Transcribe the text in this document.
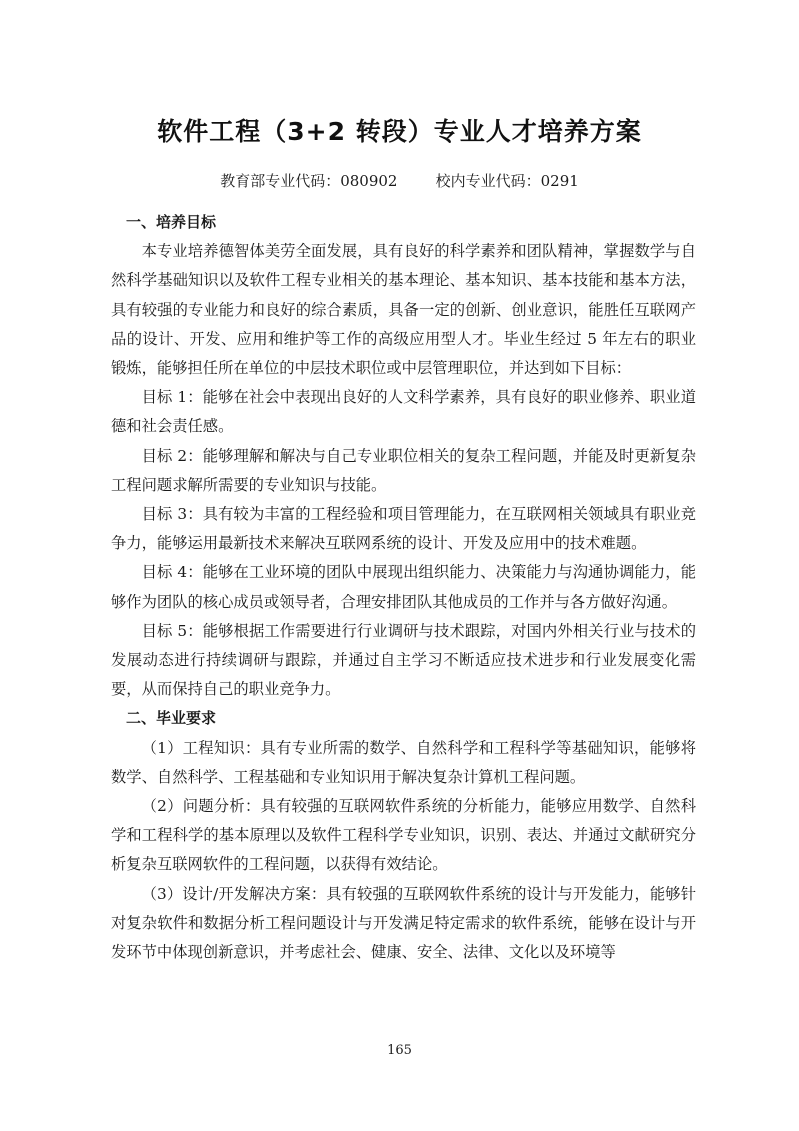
软件工程（3+2 转段）专业人才培养方案
教育部专业代码：080902        校内专业代码：0291

一、培养目标

本专业培养德智体美劳全面发展，具有良好的科学素养和团队精神，掌握数学与自然科学基础知识以及软件工程专业相关的基本理论、基本知识、基本技能和基本方法，具有较强的专业能力和良好的综合素质，具备一定的创新、创业意识，能胜任互联网产品的设计、开发、应用和维护等工作的高级应用型人才。毕业生经过 5 年左右的职业锻炼，能够担任所在单位的中层技术职位或中层管理职位，并达到如下目标：

目标 1：能够在社会中表现出良好的人文科学素养，具有良好的职业修养、职业道德和社会责任感。

目标 2：能够理解和解决与自己专业职位相关的复杂工程问题，并能及时更新复杂工程问题求解所需要的专业知识与技能。

目标 3：具有较为丰富的工程经验和项目管理能力，在互联网相关领域具有职业竞争力，能够运用最新技术来解决互联网系统的设计、开发及应用中的技术难题。

目标 4：能够在工业环境的团队中展现出组织能力、决策能力与沟通协调能力，能够作为团队的核心成员或领导者，合理安排团队其他成员的工作并与各方做好沟通。

目标 5：能够根据工作需要进行行业调研与技术跟踪，对国内外相关行业与技术的发展动态进行持续调研与跟踪，并通过自主学习不断适应技术进步和行业发展变化需要，从而保持自己的职业竞争力。

二、毕业要求

（1）工程知识：具有专业所需的数学、自然科学和工程科学等基础知识，能够将数学、自然科学、工程基础和专业知识用于解决复杂计算机工程问题。

（2）问题分析：具有较强的互联网软件系统的分析能力，能够应用数学、自然科学和工程科学的基本原理以及软件工程科学专业知识，识别、表达、并通过文献研究分析复杂互联网软件的工程问题，以获得有效结论。

（3）设计/开发解决方案：具有较强的互联网软件系统的设计与开发能力，能够针对复杂软件和数据分析工程问题设计与开发满足特定需求的软件系统，能够在设计与开发环节中体现创新意识，并考虑社会、健康、安全、法律、文化以及环境等

165
